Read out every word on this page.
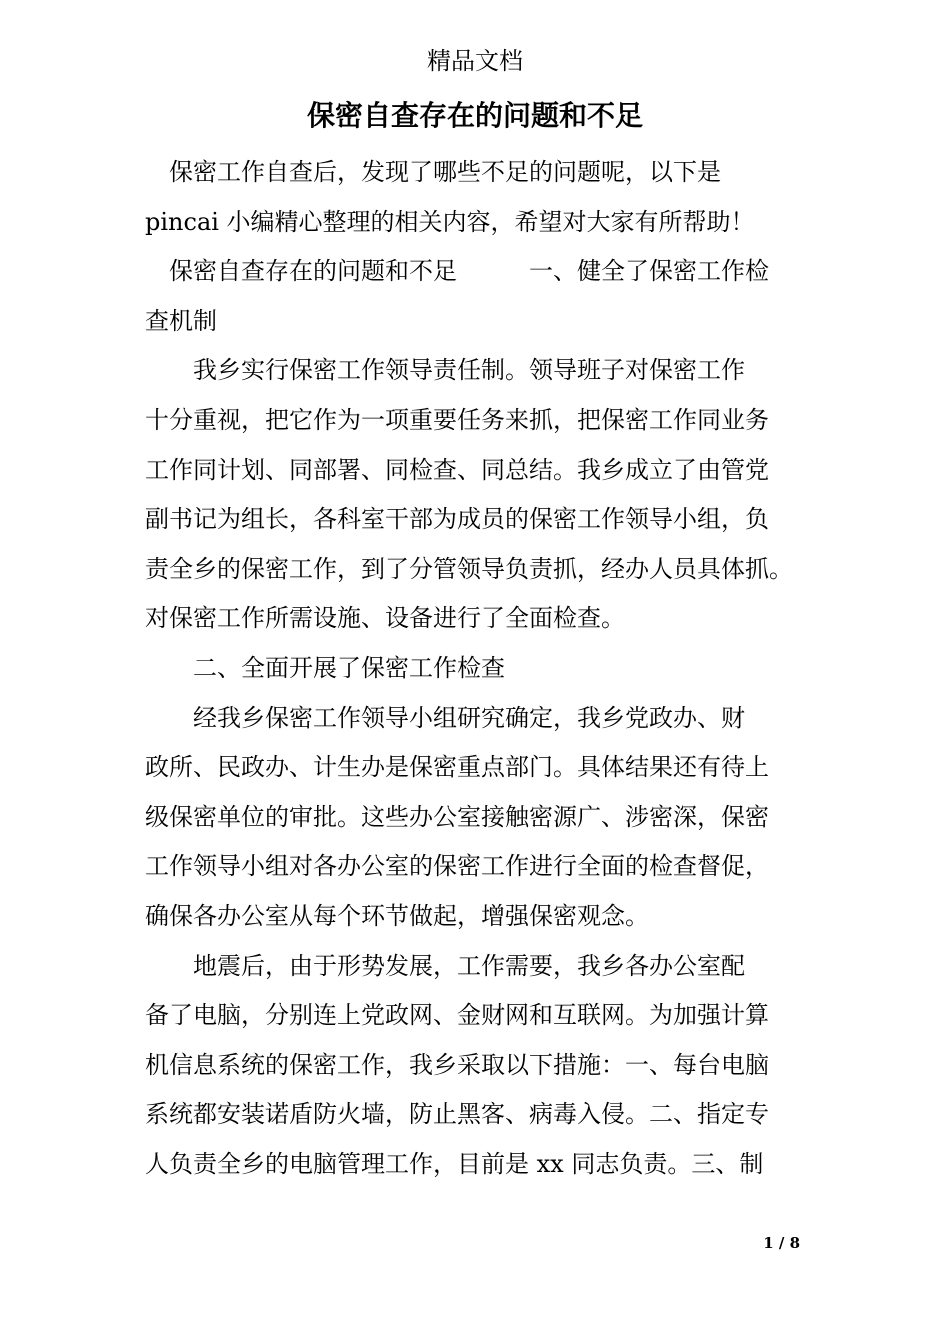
精品文档
保密自查存在的问题和不足
　保密工作自查后，发现了哪些不足的问题呢，以下是
pincai 小编精心整理的相关内容，希望对大家有所帮助！
　保密自查存在的问题和不足　　　一、健全了保密工作检
查机制
　　我乡实行保密工作领导责任制。领导班子对保密工作
十分重视，把它作为一项重要任务来抓，把保密工作同业务
工作同计划、同部署、同检查、同总结。我乡成立了由管党
副书记为组长，各科室干部为成员的保密工作领导小组，负
责全乡的保密工作，到了分管领导负责抓，经办人员具体抓。
对保密工作所需设施、设备进行了全面检查。
　　二、全面开展了保密工作检查
　　经我乡保密工作领导小组研究确定，我乡党政办、财
政所、民政办、计生办是保密重点部门。具体结果还有待上
级保密单位的审批。这些办公室接触密源广、涉密深，保密
工作领导小组对各办公室的保密工作进行全面的检查督促，
确保各办公室从每个环节做起，增强保密观念。
　　地震后，由于形势发展，工作需要，我乡各办公室配
备了电脑，分别连上党政网、金财网和互联网。为加强计算
机信息系统的保密工作，我乡采取以下措施：一、每台电脑
系统都安装诺盾防火墙，防止黑客、病毒入侵。二、指定专
人负责全乡的电脑管理工作，目前是 xx 同志负责。三、制
1 / 8
